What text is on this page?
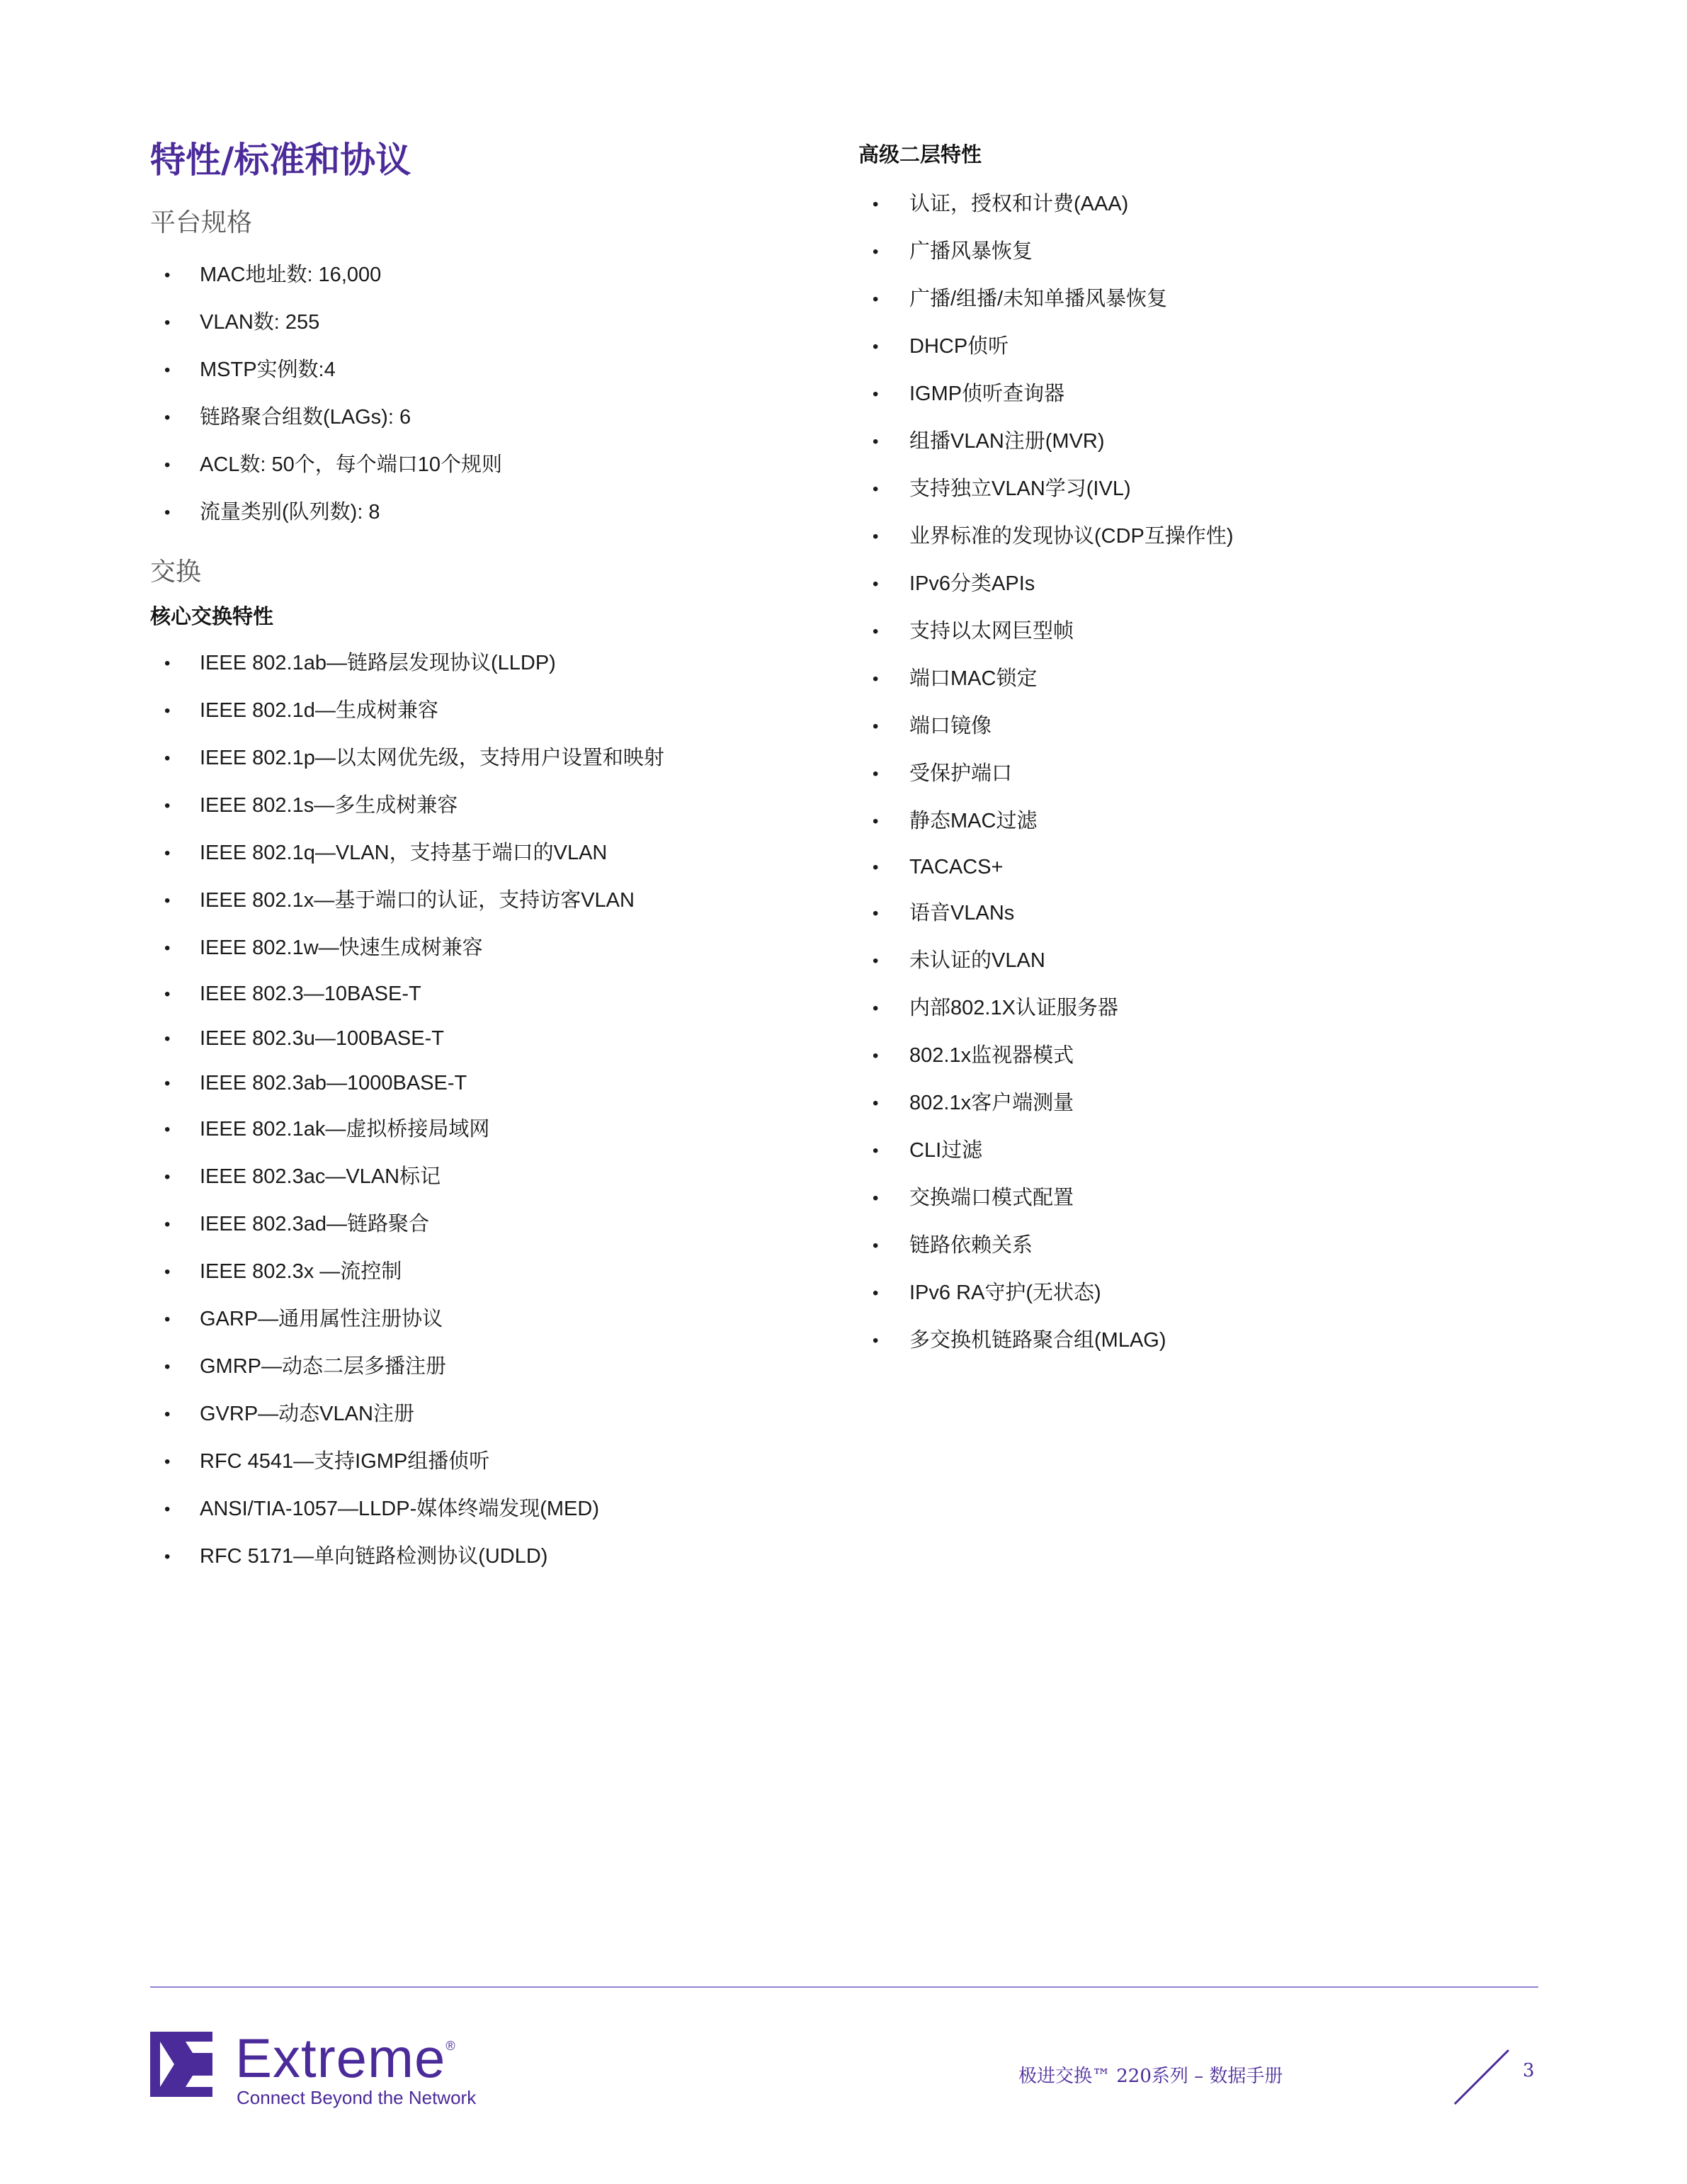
特性/标准和协议
平台规格
• MAC地址数: 16,000
• VLAN数: 255
• MSTP实例数:4
• 链路聚合组数(LAGs): 6
• ACL数: 50个，每个端口10个规则
• 流量类别(队列数): 8
交换
核心交换特性
• IEEE 802.1ab—链路层发现协议(LLDP)
• IEEE 802.1d—生成树兼容
• IEEE 802.1p—以太网优先级，支持用户设置和映射
• IEEE 802.1s—多生成树兼容
• IEEE 802.1q—VLAN，支持基于端口的VLAN
• IEEE 802.1x—基于端口的认证，支持访客VLAN
• IEEE 802.1w—快速生成树兼容
• IEEE 802.3—10BASE-T
• IEEE 802.3u—100BASE-T
• IEEE 802.3ab—1000BASE-T
• IEEE 802.1ak—虚拟桥接局域网
• IEEE 802.3ac—VLAN标记
• IEEE 802.3ad—链路聚合
• IEEE 802.3x —流控制
• GARP—通用属性注册协议
• GMRP—动态二层多播注册
• GVRP—动态VLAN注册
• RFC 4541—支持IGMP组播侦听
• ANSI/TIA-1057—LLDP-媒体终端发现(MED)
• RFC 5171—单向链路检测协议(UDLD)
高级二层特性
• 认证，授权和计费(AAA)
• 广播风暴恢复
• 广播/组播/未知单播风暴恢复
• DHCP侦听
• IGMP侦听查询器
• 组播VLAN注册(MVR)
• 支持独立VLAN学习(IVL)
• 业界标准的发现协议(CDP互操作性)
• IPv6分类APIs
• 支持以太网巨型帧
• 端口MAC锁定
• 端口镜像
• 受保护端口
• 静态MAC过滤
• TACACS+
• 语音VLANs
• 未认证的VLAN
• 内部802.1X认证服务器
• 802.1x监视器模式
• 802.1x客户端测量
• CLI过滤
• 交换端口模式配置
• 链路依赖关系
• IPv6 RA守护(无状态)
• 多交换机链路聚合组(MLAG)
Extreme®
Connect Beyond the Network
极进交换™ 220系列 – 数据手册	3
